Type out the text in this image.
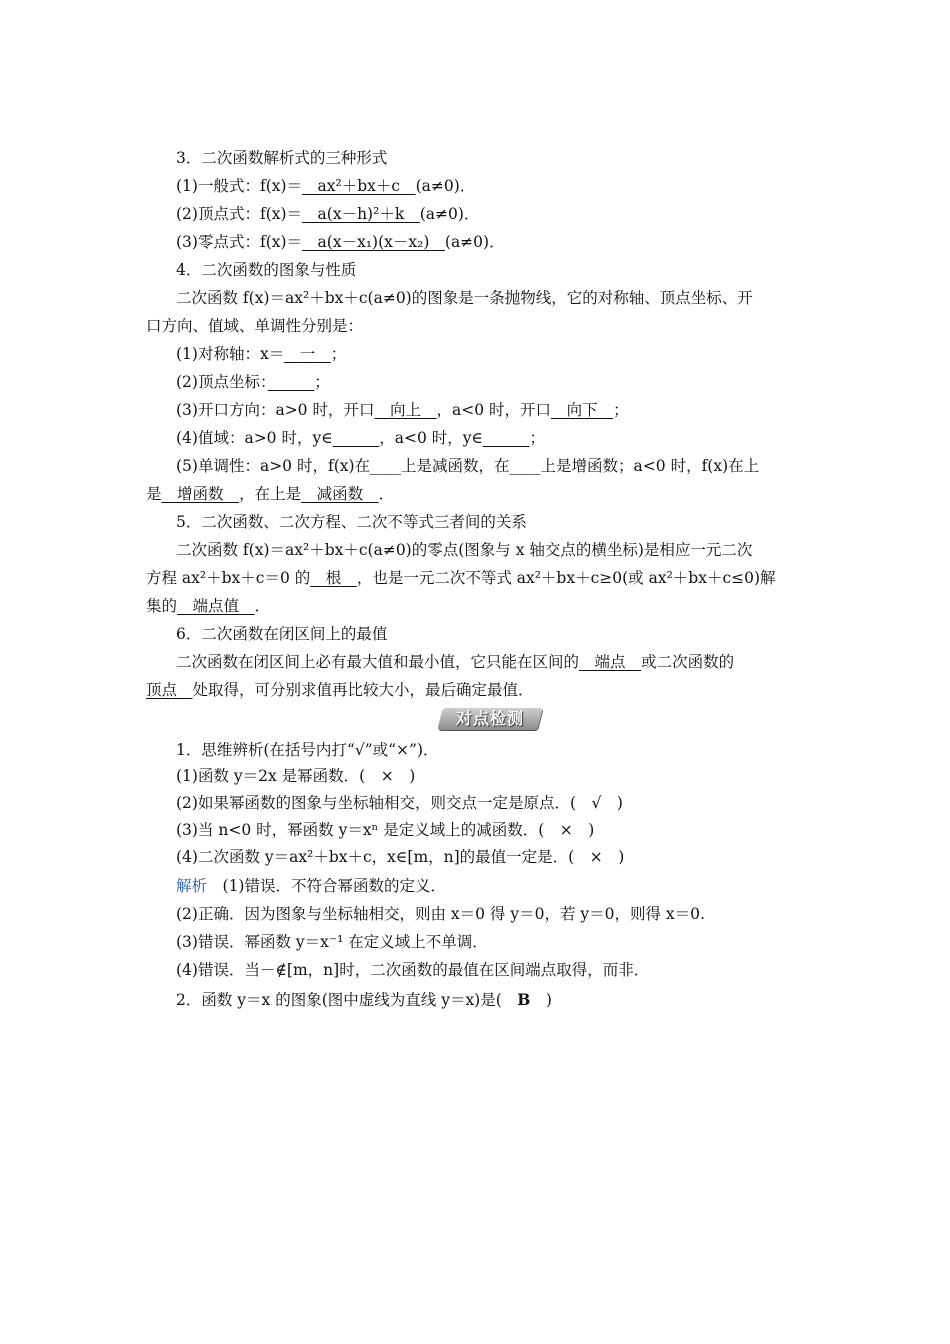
3．二次函数解析式的三种形式
(1)一般式：f(x)＝　 ax²＋bx＋c　 (a≠0)．
(2)顶点式：f(x)＝　 a(x－h)²＋k　 (a≠0)．
(3)零点式：f(x)＝　 a(x－x₁)(x－x₂)　 (a≠0)．
4．二次函数的图象与性质
二次函数 f(x)＝ax²＋bx＋c(a≠0)的图象是一条抛物线，它的对称轴、顶点坐标、开
口方向、值域、单调性分别是：
(1)对称轴：x＝　 一　 ；
(2)顶点坐标：　　　	；
(3)开口方向：a>0 时，开口　 向上　 ，a<0 时，开口　 向下　 ；
(4)值域：a>0 时，y∈　　　	，a<0 时，y∈　　　	；
(5)单调性：a>0 时，f(x)在____上是减函数，在____上是增函数；a<0 时，f(x)在上
是　 增函数　 ，在上是　 减函数　 ．
5．二次函数、二次方程、二次不等式三者间的关系
二次函数 f(x)＝ax²＋bx＋c(a≠0)的零点(图象与 x 轴交点的横坐标)是相应一元二次
方程 ax²＋bx＋c＝0 的　 根　 ，也是一元二次不等式 ax²＋bx＋c≥0(或 ax²＋bx＋c≤0)解
集的　 端点值　 ．
6．二次函数在闭区间上的最值
二次函数在闭区间上必有最大值和最小值，它只能在区间的　 端点　 或二次函数的
顶点　 处取得，可分别求值再比较大小，最后确定最值．
对点检测
1．思维辨析(在括号内打“√”或“×”)．
(1)函数 y＝2x 是幂函数．(　×　)
(2)如果幂函数的图象与坐标轴相交，则交点一定是原点．(　√　)
(3)当 n<0 时，幂函数 y＝xⁿ 是定义域上的减函数．(　×　)
(4)二次函数 y＝ax²＋bx＋c，x∈[m，n]的最值一定是．(　×　)
解析　(1)错误．不符合幂函数的定义．
(2)正确．因为图象与坐标轴相交，则由 x＝0 得 y＝0，若 y＝0，则得 x＝0.
(3)错误．幂函数 y＝x⁻¹ 在定义域上不单调．
(4)错误．当－∉[m，n]时，二次函数的最值在区间端点取得，而非．
2．函数 y＝x 的图象(图中虚线为直线 y＝x)是(　B　)
